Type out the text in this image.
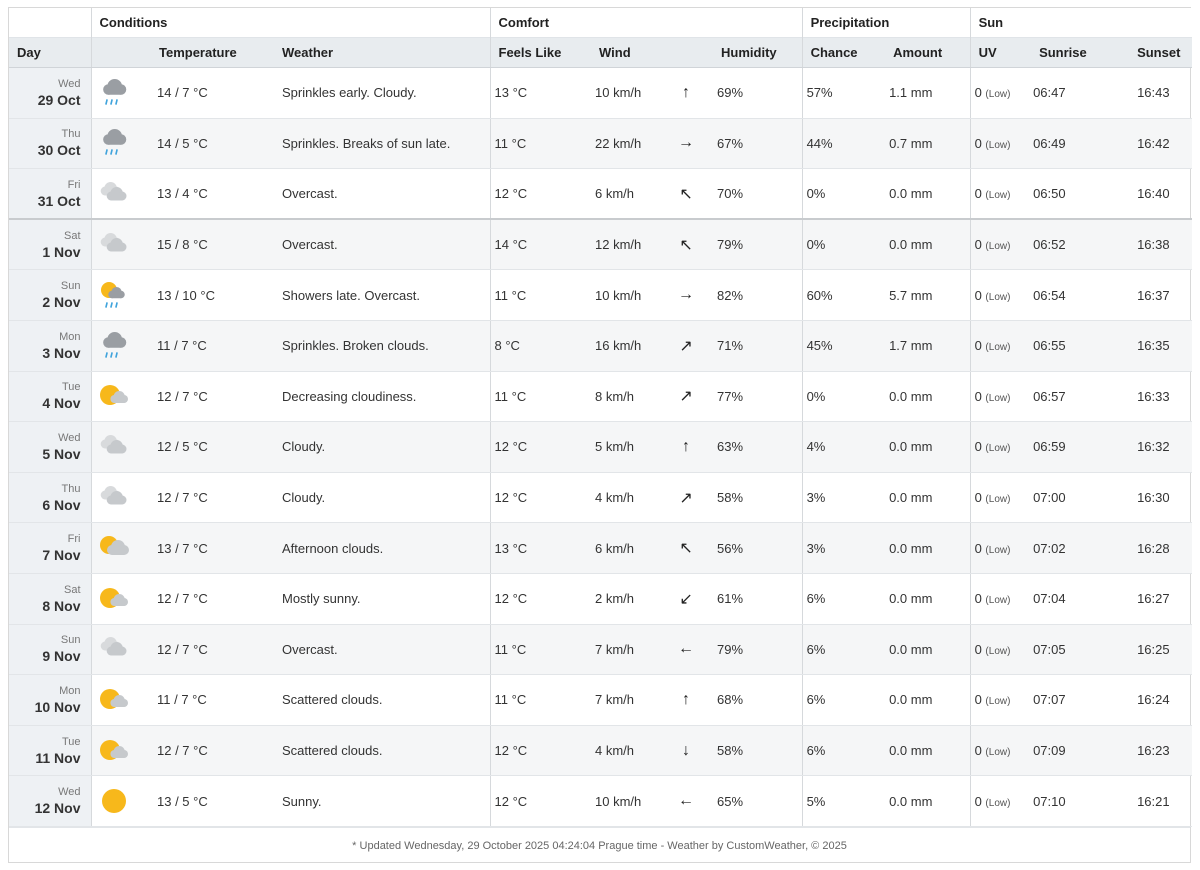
	Conditions			Comfort				Precipitation		Sun		
Day		Temperature	Weather	Feels Like	Wind		Humidity	Chance	Amount	UV	Sunrise	Sunset

Wed
29 Oct		14 / 7 °C	Sprinkles early. Cloudy.	13 °C	10 km/h	↑	69%	57%	1.1 mm	0 (Low)	06:47	16:43

Thu
30 Oct		14 / 5 °C	Sprinkles. Breaks of sun late.	11 °C	22 km/h	→	67%	44%	0.7 mm	0 (Low)	06:49	16:42

Fri
31 Oct		13 / 4 °C	Overcast.	12 °C	6 km/h	↖	70%	0%	0.0 mm	0 (Low)	06:50	16:40

Sat
1 Nov		15 / 8 °C	Overcast.	14 °C	12 km/h	↖	79%	0%	0.0 mm	0 (Low)	06:52	16:38

Sun
2 Nov		13 / 10 °C	Showers late. Overcast.	11 °C	10 km/h	→	82%	60%	5.7 mm	0 (Low)	06:54	16:37

Mon
3 Nov		11 / 7 °C	Sprinkles. Broken clouds.	8 °C	16 km/h	↗	71%	45%	1.7 mm	0 (Low)	06:55	16:35

Tue
4 Nov		12 / 7 °C	Decreasing cloudiness.	11 °C	8 km/h	↗	77%	0%	0.0 mm	0 (Low)	06:57	16:33

Wed
5 Nov		12 / 5 °C	Cloudy.	12 °C	5 km/h	↑	63%	4%	0.0 mm	0 (Low)	06:59	16:32

Thu
6 Nov		12 / 7 °C	Cloudy.	12 °C	4 km/h	↗	58%	3%	0.0 mm	0 (Low)	07:00	16:30

Fri
7 Nov		13 / 7 °C	Afternoon clouds.	13 °C	6 km/h	↖	56%	3%	0.0 mm	0 (Low)	07:02	16:28

Sat
8 Nov		12 / 7 °C	Mostly sunny.	12 °C	2 km/h	↙	61%	6%	0.0 mm	0 (Low)	07:04	16:27

Sun
9 Nov		12 / 7 °C	Overcast.	11 °C	7 km/h	←	79%	6%	0.0 mm	0 (Low)	07:05	16:25

Mon
10 Nov		11 / 7 °C	Scattered clouds.	11 °C	7 km/h	↑	68%	6%	0.0 mm	0 (Low)	07:07	16:24

Tue
11 Nov		12 / 7 °C	Scattered clouds.	12 °C	4 km/h	↓	58%	6%	0.0 mm	0 (Low)	07:09	16:23

Wed
12 Nov		13 / 5 °C	Sunny.	12 °C	10 km/h	←	65%	5%	0.0 mm	0 (Low)	07:10	16:21
* Updated Wednesday, 29 October 2025 04:24:04 Prague time - Weather by CustomWeather, © 2025
